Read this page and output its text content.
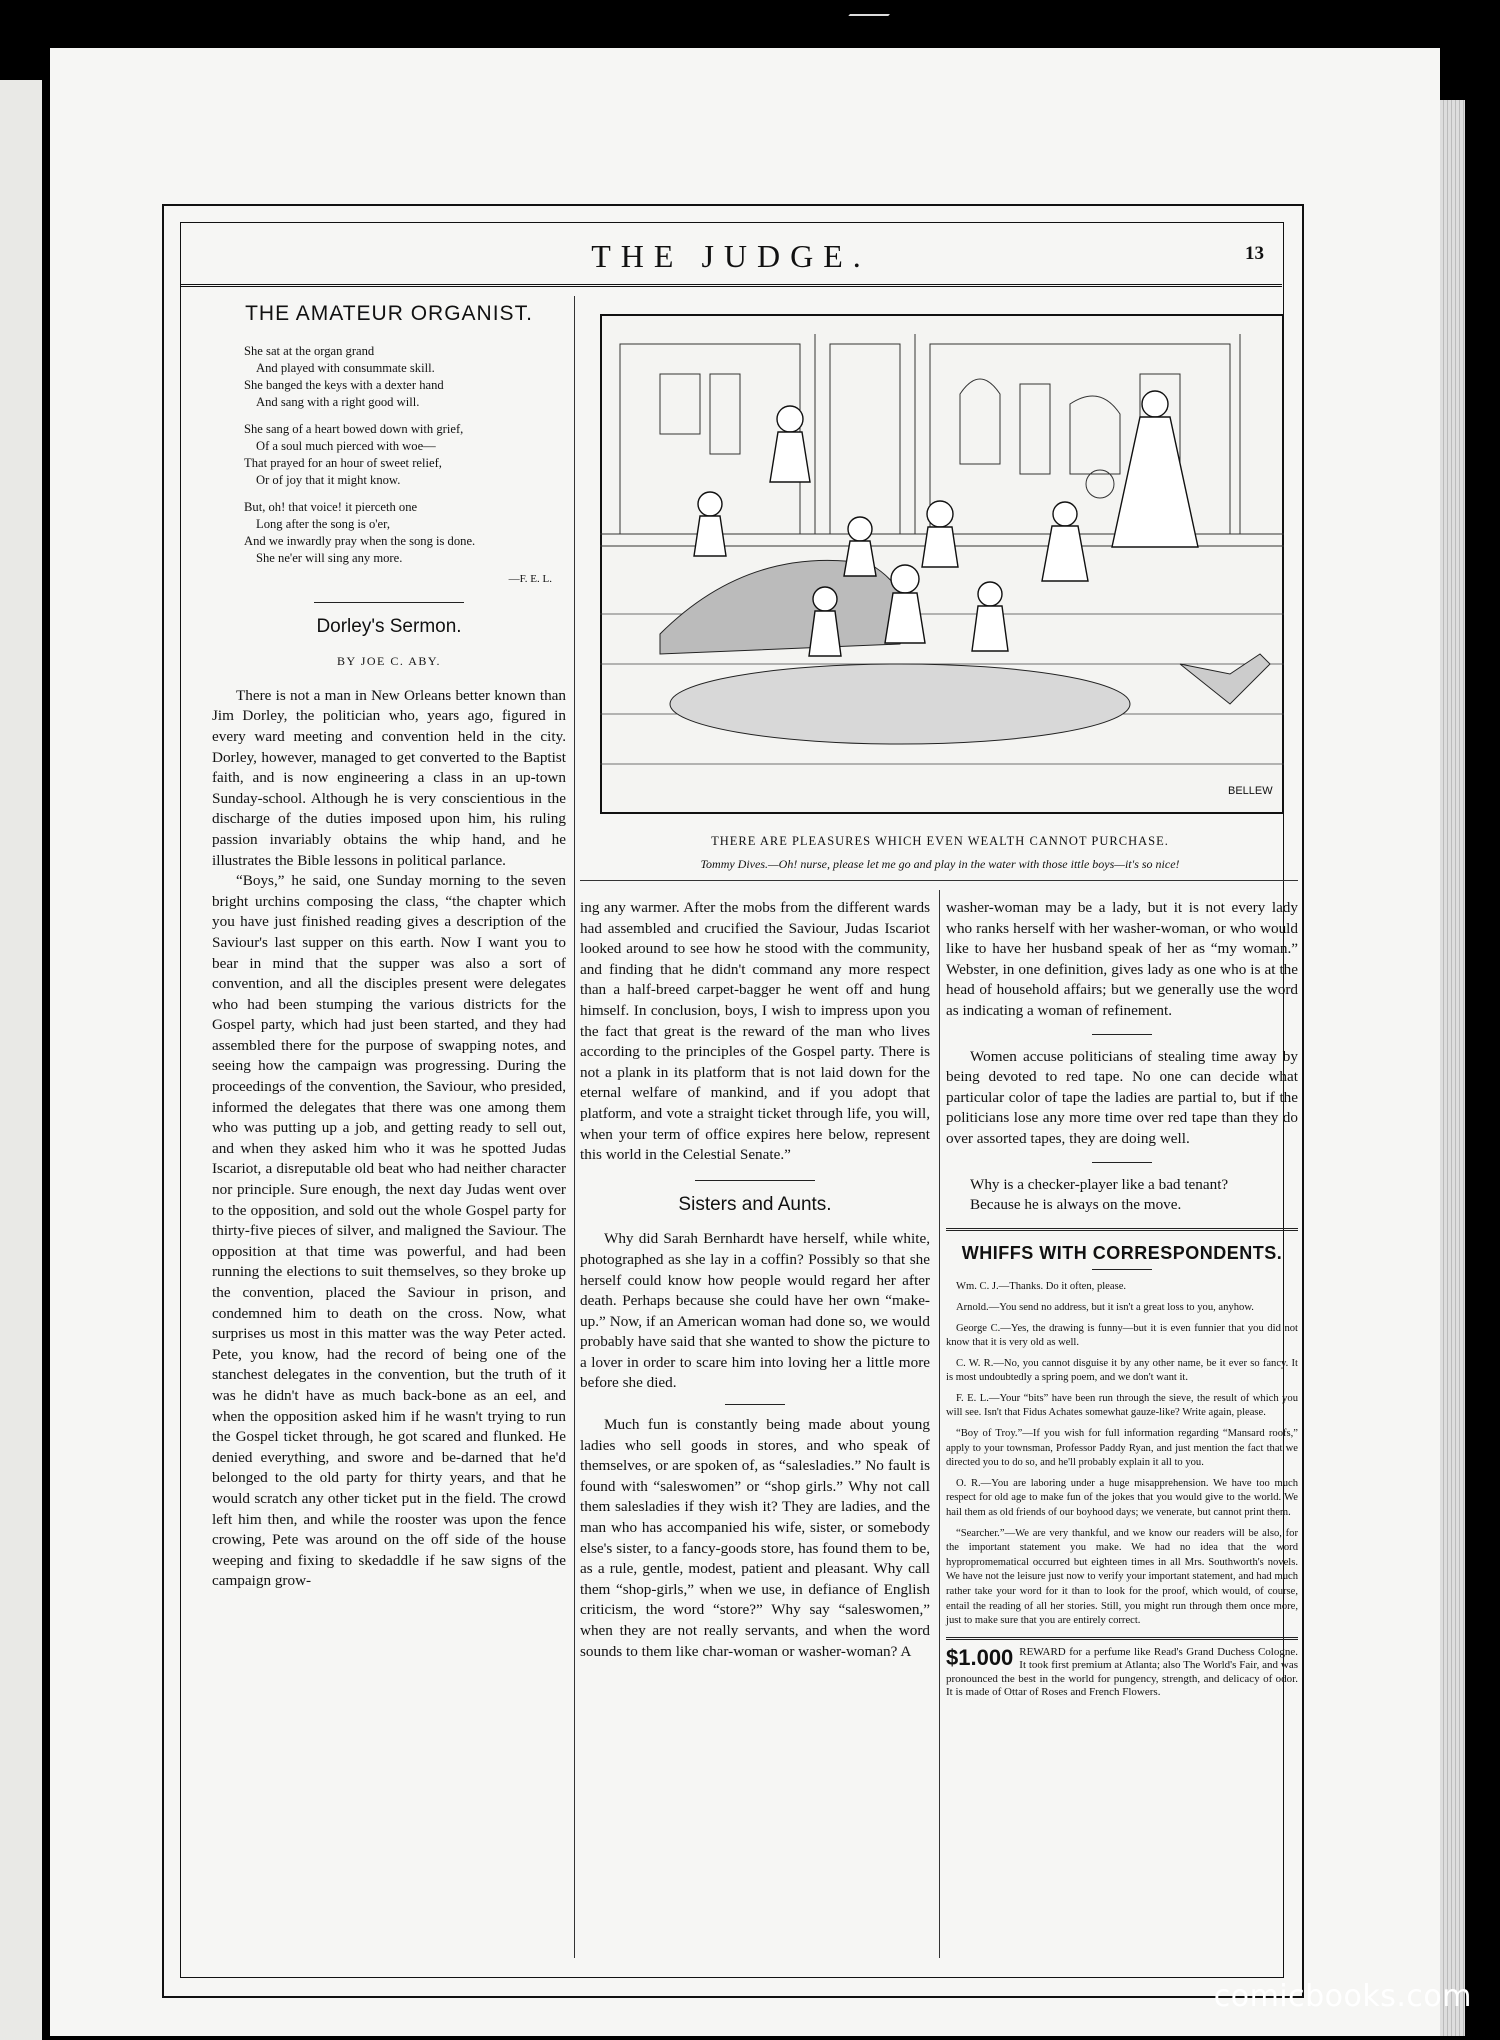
THE JUDGE.	13
THE AMATEUR ORGANIST.
She sat at the organ grand
And played with consummate skill.
She banged the keys with a dexter hand
And sang with a right good will.
She sang of a heart bowed down with grief,
Of a soul much pierced with woe—
That prayed for an hour of sweet relief,
Or of joy that it might know.
But, oh! that voice! it pierceth one
Long after the song is o'er,
And we inwardly pray when the song is done.
She ne'er will sing any more.
—F. E. L.
Dorley's Sermon.
BY JOE C. ABY.

There is not a man in New Orleans better known than Jim Dorley, the politician who, years ago, figured in every ward meeting and convention held in the city. Dorley, however, managed to get converted to the Baptist faith, and is now engineering a class in an up-town Sunday-school. Although he is very conscientious in the discharge of the duties imposed upon him, his ruling passion invariably obtains the whip hand, and he illustrates the Bible lessons in political parlance.

“Boys,” he said, one Sunday morning to the seven bright urchins composing the class, “the chapter which you have just finished reading gives a description of the Saviour's last supper on this earth. Now I want you to bear in mind that the supper was also a sort of convention, and all the disciples present were delegates who had been stumping the various districts for the Gospel party, which had just been started, and they had assembled there for the purpose of swapping notes, and seeing how the campaign was progressing. During the proceedings of the convention, the Saviour, who presided, informed the delegates that there was one among them who was putting up a job, and getting ready to sell out, and when they asked him who it was he spotted Judas Iscariot, a disreputable old beat who had neither character nor principle. Sure enough, the next day Judas went over to the opposition, and sold out the whole Gospel party for thirty-five pieces of silver, and maligned the Saviour. The opposition at that time was powerful, and had been running the elections to suit themselves, so they broke up the convention, placed the Saviour in prison, and condemned him to death on the cross. Now, what surprises us most in this matter was the way Peter acted. Pete, you know, had the record of being one of the stanchest delegates in the convention, but the truth of it was he didn't have as much back-bone as an eel, and when the opposition asked him if he wasn't trying to run the Gospel ticket through, he got scared and flunked. He denied everything, and swore and be-darned that he'd belonged to the old party for thirty years, and that he would scratch any other ticket put in the field. The crowd left him then, and while the rooster was upon the fence crowing, Pete was around on the off side of the house weeping and fixing to skedaddle if he saw signs of the campaign grow-

BELLEW
THERE ARE PLEASURES WHICH EVEN WEALTH CANNOT PURCHASE.
Tommy Dives.—Oh! nurse, please let me go and play in the water with those ittle boys—it's so nice!

ing any warmer. After the mobs from the different wards had assembled and crucified the Saviour, Judas Iscariot looked around to see how he stood with the community, and finding that he didn't command any more respect than a half-breed carpet-bagger he went off and hung himself. In conclusion, boys, I wish to impress upon you the fact that great is the reward of the man who lives according to the principles of the Gospel party. There is not a plank in its platform that is not laid down for the eternal welfare of mankind, and if you adopt that platform, and vote a straight ticket through life, you will, when your term of office expires here below, represent this world in the Celestial Senate.”

Sisters and Aunts.

Why did Sarah Bernhardt have herself, while white, photographed as she lay in a coffin? Possibly so that she herself could know how people would regard her after death. Perhaps because she could have her own “make-up.” Now, if an American woman had done so, we would probably have said that she wanted to show the picture to a lover in order to scare him into loving her a little more before she died.

Much fun is constantly being made about young ladies who sell goods in stores, and who speak of themselves, or are spoken of, as “salesladies.” No fault is found with “saleswomen” or “shop girls.” Why not call them salesladies if they wish it? They are ladies, and the man who has accompanied his wife, sister, or somebody else's sister, to a fancy-goods store, has found them to be, as a rule, gentle, modest, patient and pleasant. Why call them “shop-girls,” when we use, in defiance of English criticism, the word “store?” Why say “saleswomen,” when they are not really servants, and when the word sounds to them like char-woman or washer-woman? A

washer-woman may be a lady, but it is not every lady who ranks herself with her washer-woman, or who would like to have her husband speak of her as “my woman.” Webster, in one definition, gives lady as one who is at the head of household affairs; but we generally use the word as indicating a woman of refinement.

Women accuse politicians of stealing time away by being devoted to red tape. No one can decide what particular color of tape the ladies are partial to, but if the politicians lose any more time over red tape than they do over assorted tapes, they are doing well.

Why is a checker-player like a bad tenant?

Because he is always on the move.

WHIFFS WITH CORRESPONDENTS.

Wm. C. J.—Thanks. Do it often, please.

Arnold.—You send no address, but it isn't a great loss to you, anyhow.

George C.—Yes, the drawing is funny—but it is even funnier that you did not know that it is very old as well.

C. W. R.—No, you cannot disguise it by any other name, be it ever so fancy. It is most undoubtedly a spring poem, and we don't want it.

F. E. L.—Your “bits” have been run through the sieve, the result of which you will see. Isn't that Fidus Achates somewhat gauze-like? Write again, please.

“Boy of Troy.”—If you wish for full information regarding “Mansard roofs,” apply to your townsman, Professor Paddy Ryan, and just mention the fact that we directed you to do so, and he'll probably explain it all to you.

O. R.—You are laboring under a huge misapprehension. We have too much respect for old age to make fun of the jokes that you would give to the world. We hail them as old friends of our boyhood days; we venerate, but cannot print them.

“Searcher.”—We are very thankful, and we know our readers will be also, for the important statement you make. We had no idea that the word hypropromematical occurred but eighteen times in all Mrs. Southworth's novels. We have not the leisure just now to verify your important statement, and had much rather take your word for it than to look for the proof, which would, of course, entail the reading of all her stories. Still, you might run through them once more, just to make sure that you are entirely correct.

$1.000 REWARD for a perfume like Read's Grand Duchess Cologne. It took first premium at Atlanta; also The World's Fair, and was pronounced the best in the world for pungency, strength, and delicacy of odor. It is made of Ottar of Roses and French Flowers.
comicbooks.com
